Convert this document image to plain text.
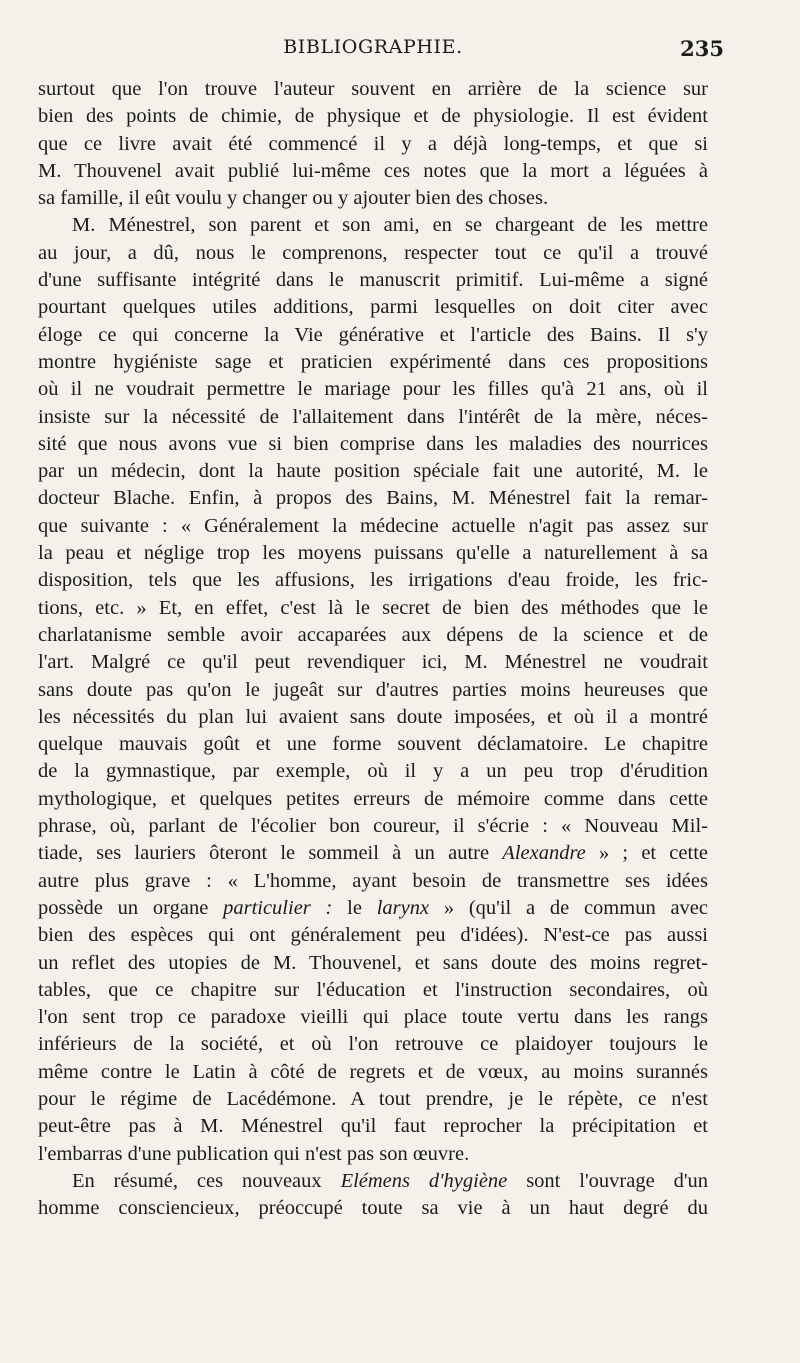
BIBLIOGRAPHIE.	235

surtout que l'on trouve l'auteur souvent en arrière de la science sur
bien des points de chimie, de physique et de physiologie. Il est évident
que ce livre avait été commencé il y a déjà long-temps, et que si
M. Thouvenel avait publié lui-même ces notes que la mort a léguées à
sa famille, il eût voulu y changer ou y ajouter bien des choses.

M. Ménestrel, son parent et son ami, en se chargeant de les mettre
au jour, a dû, nous le comprenons, respecter tout ce qu'il a trouvé
d'une suffisante intégrité dans le manuscrit primitif. Lui-même a signé
pourtant quelques utiles additions, parmi lesquelles on doit citer avec
éloge ce qui concerne la Vie générative et l'article des Bains. Il s'y
montre hygiéniste sage et praticien expérimenté dans ces propositions
où il ne voudrait permettre le mariage pour les filles qu'à 21 ans, où il
insiste sur la nécessité de l'allaitement dans l'intérêt de la mère, néces-
sité que nous avons vue si bien comprise dans les maladies des nourrices
par un médecin, dont la haute position spéciale fait une autorité, M. le
docteur Blache. Enfin, à propos des Bains, M. Ménestrel fait la remar-
que suivante : « Généralement la médecine actuelle n'agit pas assez sur
la peau et néglige trop les moyens puissans qu'elle a naturellement à sa
disposition, tels que les affusions, les irrigations d'eau froide, les fric-
tions, etc. » Et, en effet, c'est là le secret de bien des méthodes que le
charlatanisme semble avoir accaparées aux dépens de la science et de
l'art. Malgré ce qu'il peut revendiquer ici, M. Ménestrel ne voudrait
sans doute pas qu'on le jugeât sur d'autres parties moins heureuses que
les nécessités du plan lui avaient sans doute imposées, et où il a montré
quelque mauvais goût et une forme souvent déclamatoire. Le chapitre
de la gymnastique, par exemple, où il y a un peu trop d'érudition
mythologique, et quelques petites erreurs de mémoire comme dans cette
phrase, où, parlant de l'écolier bon coureur, il s'écrie : « Nouveau Mil-
tiade, ses lauriers ôteront le sommeil à un autre Alexandre » ; et cette
autre plus grave : « L'homme, ayant besoin de transmettre ses idées
possède un organe particulier : le larynx » (qu'il a de commun avec
bien des espèces qui ont généralement peu d'idées). N'est-ce pas aussi
un reflet des utopies de M. Thouvenel, et sans doute des moins regret-
tables, que ce chapitre sur l'éducation et l'instruction secondaires, où
l'on sent trop ce paradoxe vieilli qui place toute vertu dans les rangs
inférieurs de la société, et où l'on retrouve ce plaidoyer toujours le
même contre le Latin à côté de regrets et de vœux, au moins surannés
pour le régime de Lacédémone. A tout prendre, je le répète, ce n'est
peut-être pas à M. Ménestrel qu'il faut reprocher la précipitation et
l'embarras d'une publication qui n'est pas son œuvre.

En résumé, ces nouveaux Elémens d'hygiène sont l'ouvrage d'un
homme consciencieux, préoccupé toute sa vie à un haut degré du
